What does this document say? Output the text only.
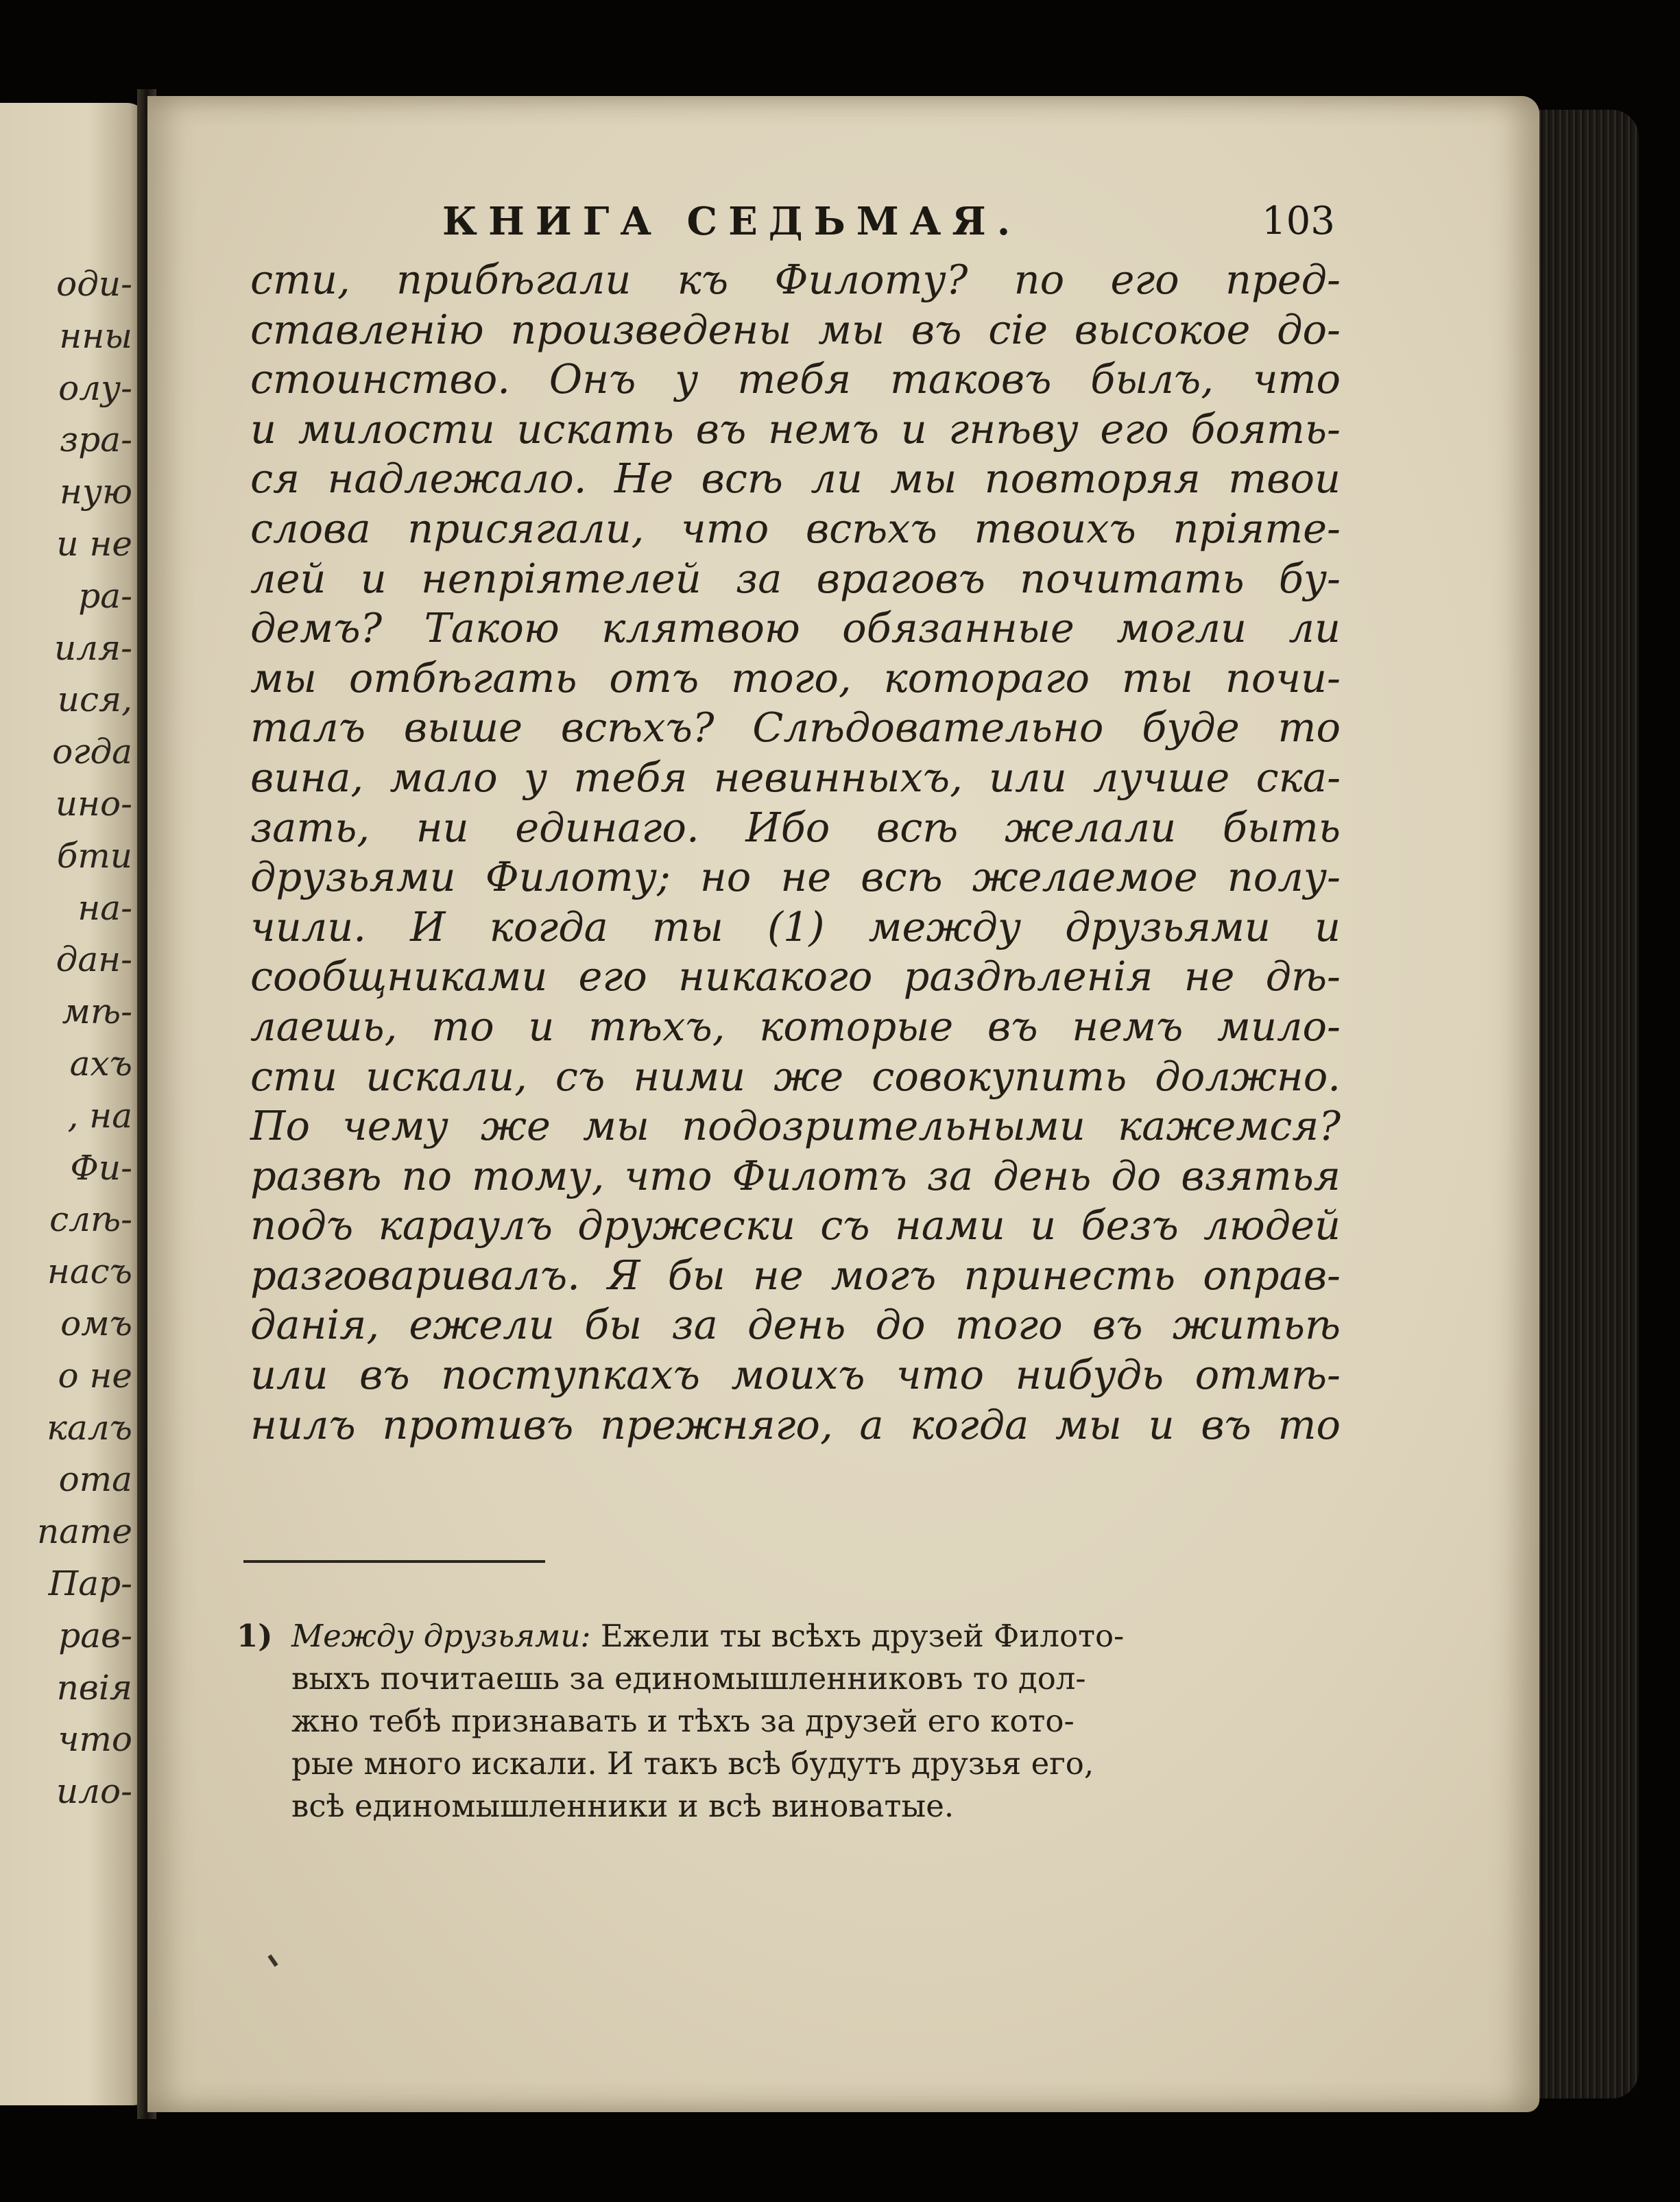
оди-
нны
олу-
зра-
ную
и не
ра-
иля-
ися,
огда
ино-
бти
на-
дан-
мѣ-
ахъ
, на
Фи-
слѣ-
насъ
омъ
о не
калъ
ота
пате
Пар-
рав-
пвія
что
ило-
КНИГА СЕДЬМАЯ.	103
сти, прибѣгали къ Филоту? по его пред-
ставленію произведены мы въ сіе высокое до-
стоинство. Онъ у тебя таковъ былъ, что
и милости искать въ немъ и гнѣву его боять-
ся надлежало. Не всѣ ли мы повторяя твои
слова присягали, что всѣхъ твоихъ пріяте-
лей и непріятелей за враговъ почитать бу-
демъ? Такою клятвою обязанные могли ли
мы отбѣгать отъ того, котораго ты почи-
талъ выше всѣхъ? Слѣдовательно буде то
вина, мало у тебя невинныхъ, или лучше ска-
зать, ни единаго. Ибо всѣ желали быть
друзьями Филоту; но не всѣ желаемое полу-
чили. И когда ты (1) между друзьями и
сообщниками его никакого раздѣленія не дѣ-
лаешь, то и тѣхъ, которые въ немъ мило-
сти искали, съ ними же совокупить должно.
По чему же мы подозрительными кажемся?
развѣ по тому, что Филотъ за день до взятья
подъ караулъ дружески съ нами и безъ людей
разговаривалъ. Я бы не могъ принесть оправ-
данія, ежели бы за день до того въ житьѣ
или въ поступкахъ моихъ что нибудь отмѣ-
нилъ противъ прежняго, а когда мы и въ то
1) Между друзьями: Ежели ты всѣхъ друзей Филото-
выхъ почитаешь за единомышленниковъ то дол-
жно тебѣ признавать и тѣхъ за друзей его кото-
рые много искали. И такъ всѣ будутъ друзья его,
всѣ единомышленники и всѣ виноватые.
